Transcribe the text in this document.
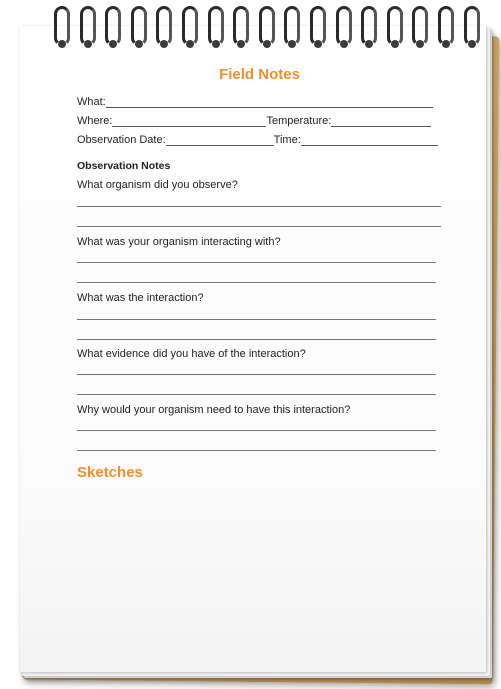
Field Notes
What:
Where:	Temperature:
Observation Date:	Time:
Observation Notes
What organism did you observe?
What was your organism interacting with?
What was the interaction?
What evidence did you have of the interaction?
Why would your organism need to have this interaction?
Sketches
